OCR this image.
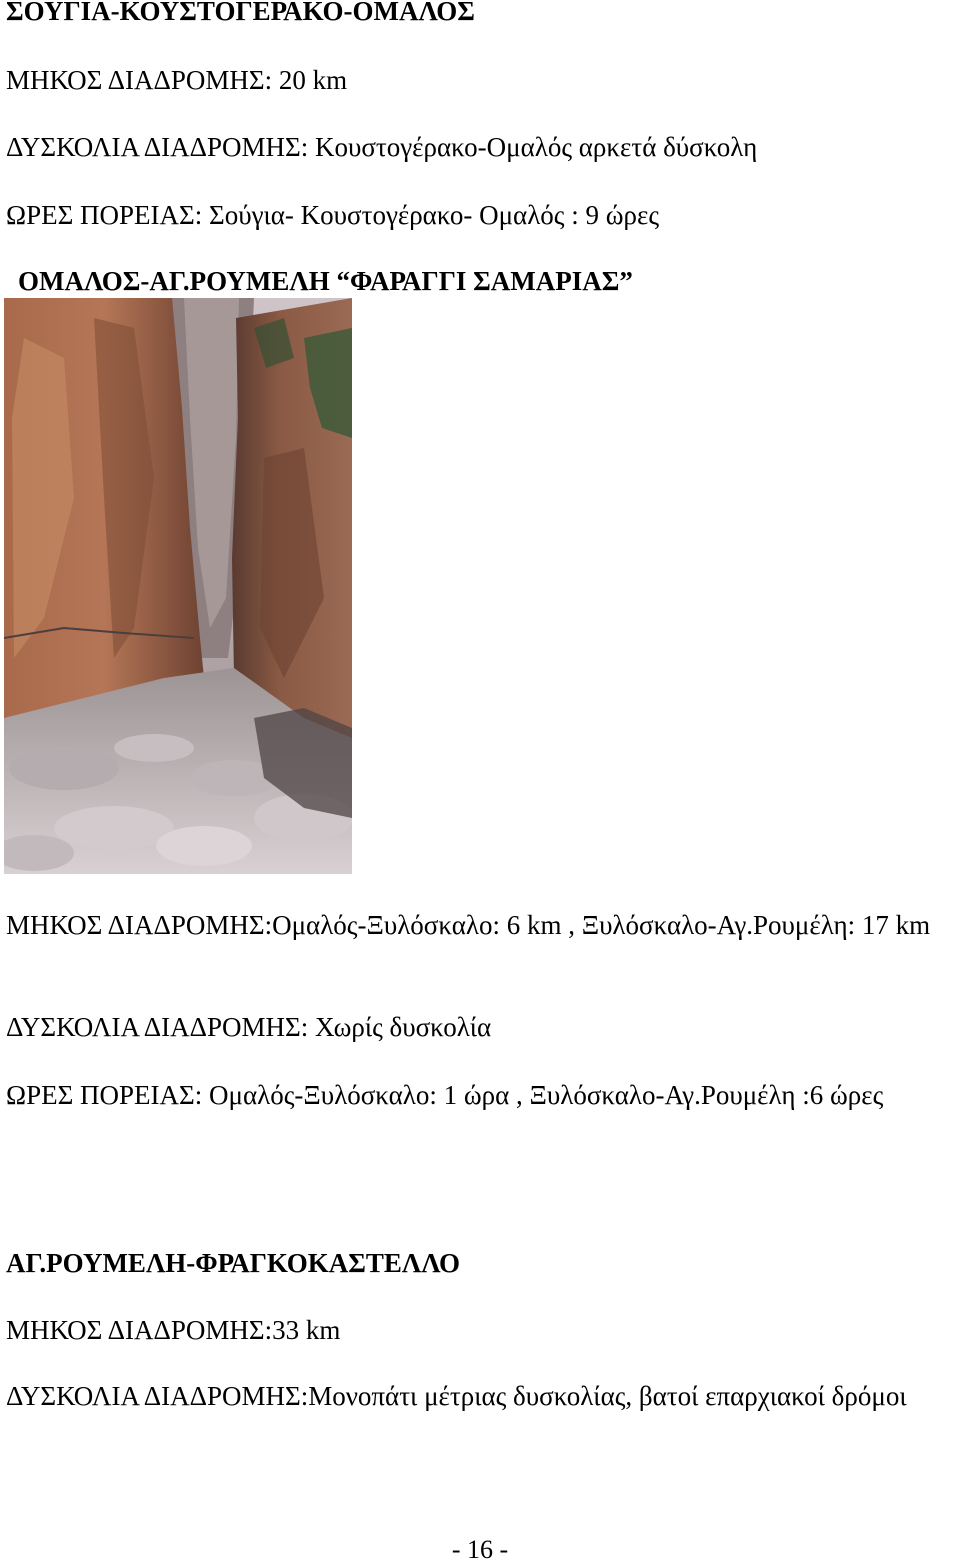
ΣΟΥΓΙΑ-ΚΟΥΣΤΟΓΕΡΑΚΟ-ΟΜΑΛΟΣ
ΜΗΚΟΣ ΔΙΑΔΡΟΜΗΣ: 20 km
ΔΥΣΚΟΛΙΑ ΔΙΑΔΡΟΜΗΣ: Κουστογέρακο-Ομαλός αρκετά δύσκολη
ΩΡΕΣ ΠΟΡΕΙΑΣ: Σούγια- Κουστογέρακο- Ομαλός : 9 ώρες
ΟΜΑΛΟΣ-ΑΓ.ΡΟΥΜΕΛΗ “ΦΑΡΑΓΓΙ ΣΑΜΑΡΙΑΣ”
ΜΗΚΟΣ ΔΙΑΔΡΟΜΗΣ:Ομαλός-Ξυλόσκαλο: 6 km , Ξυλόσκαλο-Αγ.Ρουμέλη: 17 km
ΔΥΣΚΟΛΙΑ ΔΙΑΔΡΟΜΗΣ: Χωρίς δυσκολία
ΩΡΕΣ ΠΟΡΕΙΑΣ: Ομαλός-Ξυλόσκαλο: 1 ώρα , Ξυλόσκαλο-Αγ.Ρουμέλη :6 ώρες
ΑΓ.ΡΟΥΜΕΛΗ-ΦΡΑΓΚΟΚΑΣΤΕΛΛΟ
ΜΗΚΟΣ ΔΙΑΔΡΟΜΗΣ:33 km
ΔΥΣΚΟΛΙΑ ΔΙΑΔΡΟΜΗΣ:Μονοπάτι μέτριας δυσκολίας, βατοί επαρχιακοί δρόμοι
- 16 -
